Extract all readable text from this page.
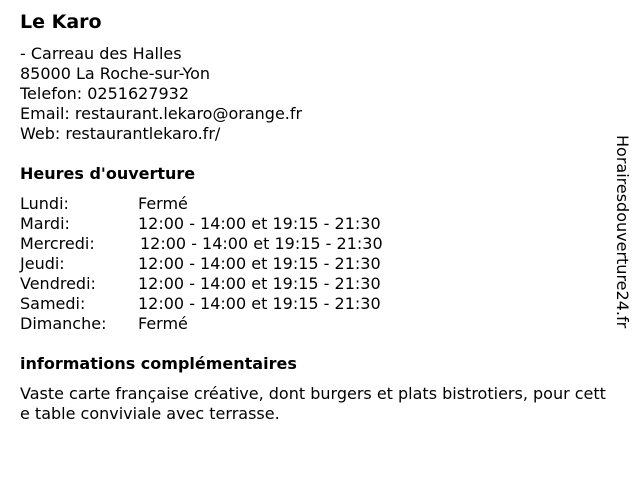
Le Karo
- Carreau des Halles
85000 La Roche-sur-Yon
Telefon: 0251627932
Email: restaurant.lekaro@orange.fr
Web: restaurantlekaro.fr/
Heures d'ouverture
Lundi:	Fermé
Mardi:	12:00 - 14:00 et 19:15 - 21:30
Mercredi:	12:00 - 14:00 et 19:15 - 21:30
Jeudi:	12:00 - 14:00 et 19:15 - 21:30
Vendredi:	12:00 - 14:00 et 19:15 - 21:30
Samedi:	12:00 - 14:00 et 19:15 - 21:30
Dimanche: Fermé
informations complémentaires
Vaste carte française créative, dont burgers et plats bistrotiers, pour cette table conviviale avec terrasse.
Horairesdouverture24.fr
